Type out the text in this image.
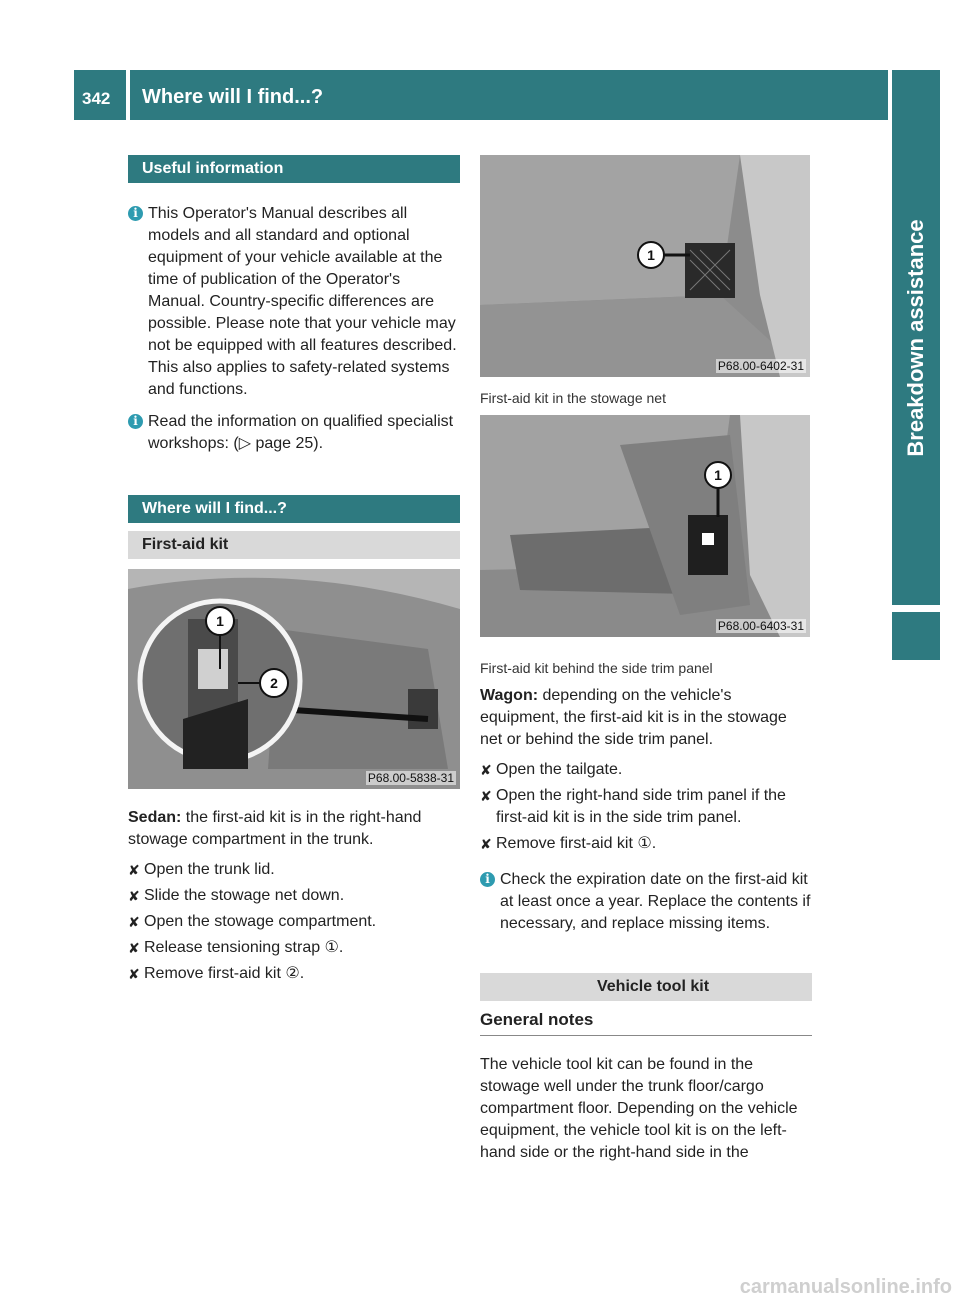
342 Where will I find...?
Breakdown assistance
Useful information
i This Operator's Manual describes all models and all standard and optional equipment of your vehicle available at the time of publication of the Operator's Manual. Country-specific differences are possible. Please note that your vehicle may not be equipped with all features described. This also applies to safety-related systems and functions.

i Read the information on qualified specialist workshops: (▷ page 25).

Where will I find...?
First-aid kit
1
2
P68.00-5838-31

Sedan: the first-aid kit is in the right-hand stowage compartment in the trunk.

✘ Open the trunk lid.
✘ Slide the stowage net down.
✘ Open the stowage compartment.
✘ Release tensioning strap ①.
✘ Remove first-aid kit ②.
1
P68.00-6402-31

First-aid kit in the stowage net

1
P68.00-6403-31

First-aid kit behind the side trim panel

Wagon: depending on the vehicle's equipment, the first-aid kit is in the stowage net or behind the side trim panel.

✘ Open the tailgate.
✘ Open the right-hand side trim panel if the first-aid kit is in the side trim panel.
✘ Remove first-aid kit ①.
i Check the expiration date on the first-aid kit at least once a year. Replace the contents if necessary, and replace missing items.

Vehicle tool kit
General notes

The vehicle tool kit can be found in the stowage well under the trunk floor/cargo compartment floor. Depending on the vehicle equipment, the vehicle tool kit is on the left-hand side or the right-hand side in the

carmanualsonline.info
